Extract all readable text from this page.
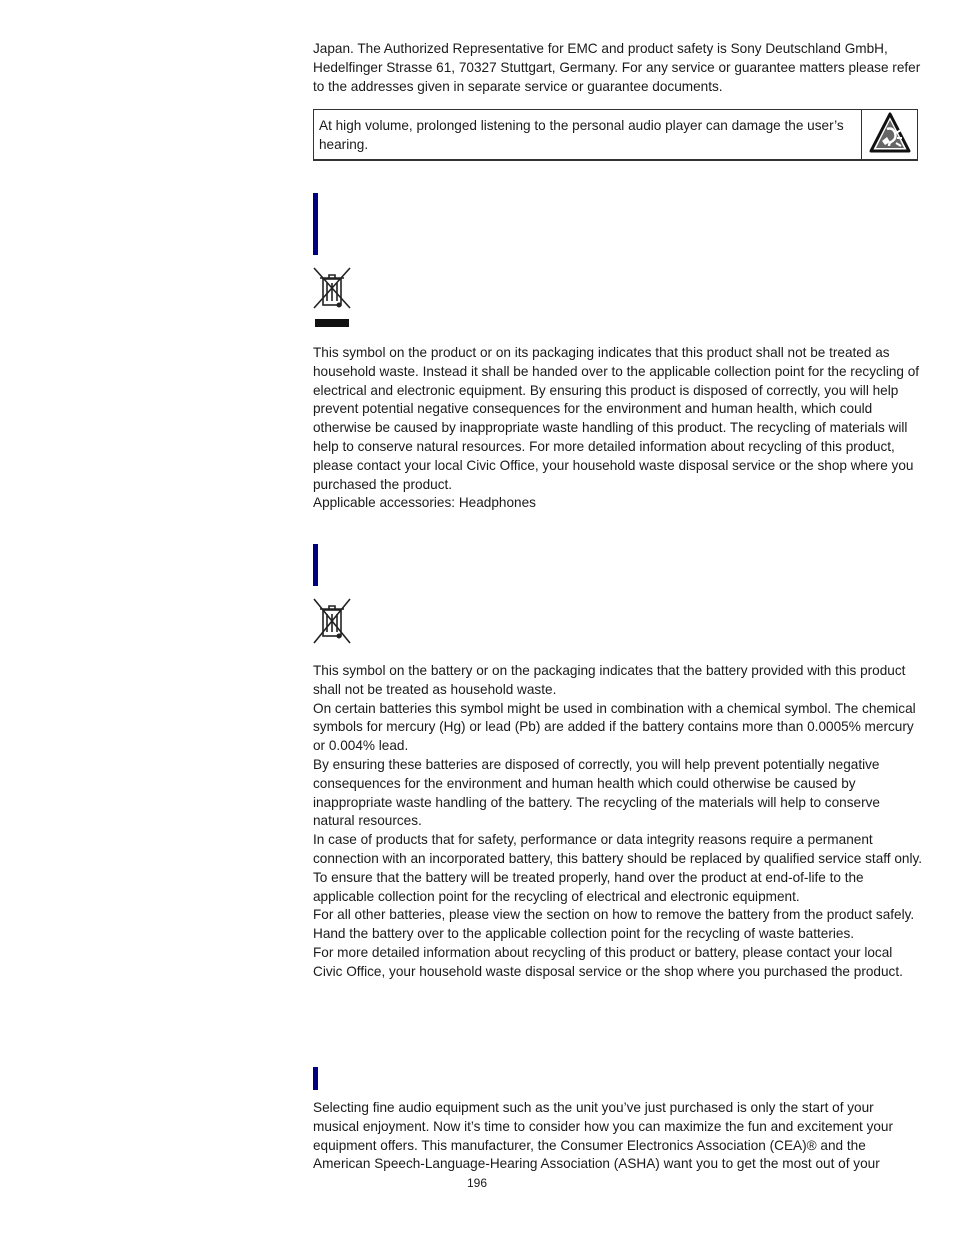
Japan. The Authorized Representative for EMC and product safety is Sony Deutschland GmbH, Hedelfinger Strasse 61, 70327 Stuttgart, Germany. For any service or guarantee matters please refer to the addresses given in separate service or guarantee documents.

At high volume, prolonged listening to the personal audio player can damage the user’s hearing.

This symbol on the product or on its packaging indicates that this product shall not be treated as household waste. Instead it shall be handed over to the applicable collection point for the recycling of electrical and electronic equipment. By ensuring this product is disposed of correctly, you will help prevent potential negative consequences for the environment and human health, which could otherwise be caused by inappropriate waste handling of this product. The recycling of materials will help to conserve natural resources. For more detailed information about recycling of this product, please contact your local Civic Office, your household waste disposal service or the shop where you purchased the product.

Applicable accessories: Headphones

This symbol on the battery or on the packaging indicates that the battery provided with this product shall not be treated as household waste.

On certain batteries this symbol might be used in combination with a chemical symbol. The chemical symbols for mercury (Hg) or lead (Pb) are added if the battery contains more than 0.0005% mercury or 0.004% lead.

By ensuring these batteries are disposed of correctly, you will help prevent potentially negative consequences for the environment and human health which could otherwise be caused by inappropriate waste handling of the battery. The recycling of the materials will help to conserve natural resources.

In case of products that for safety, performance or data integrity reasons require a permanent connection with an incorporated battery, this battery should be replaced by qualified service staff only.

To ensure that the battery will be treated properly, hand over the product at end-of-life to the applicable collection point for the recycling of electrical and electronic equipment.

For all other batteries, please view the section on how to remove the battery from the product safely. Hand the battery over to the applicable collection point for the recycling of waste batteries.

For more detailed information about recycling of this product or battery, please contact your local Civic Office, your household waste disposal service or the shop where you purchased the product.

Selecting fine audio equipment such as the unit you’ve just purchased is only the start of your musical enjoyment. Now it’s time to consider how you can maximize the fun and excitement your equipment offers. This manufacturer, the Consumer Electronics Association (CEA)® and the American Speech-Language-Hearing Association (ASHA) want you to get the most out of your

196
